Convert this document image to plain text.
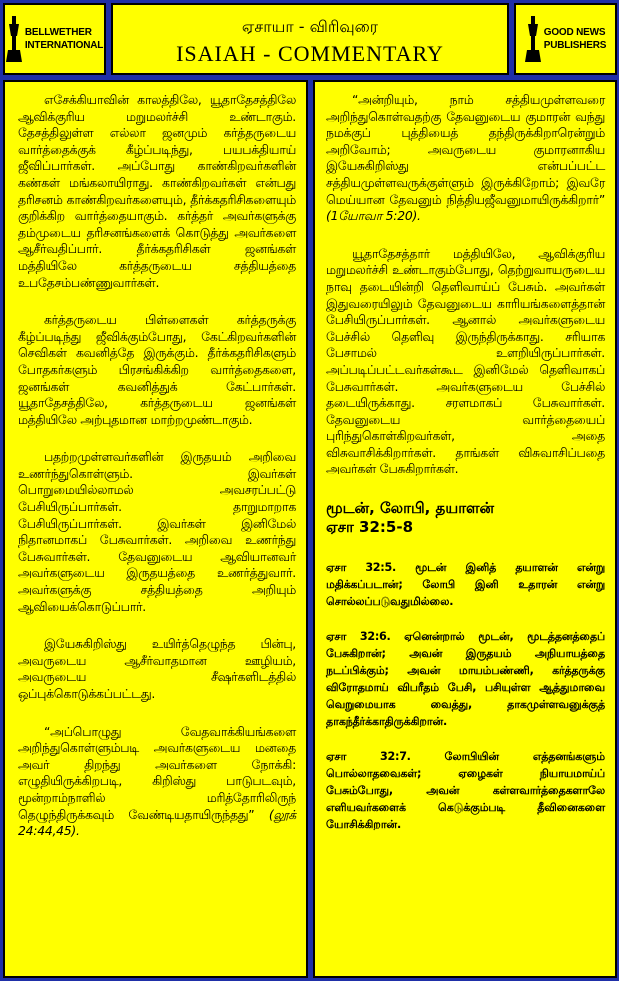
BELLWETHER
INTERNATIONAL
ஏசாயா - விரிவுரை
ISAIAH - COMMENTARY
GOOD NEWS
PUBLISHERS

எசேக்கியாவின் காலத்திலே, யூதாதேசத்திலே ஆவிக்குரிய மறுமலர்ச்சி உண்டாகும். தேசத்திலுள்ள எல்லா ஜனமும் கர்த்தருடைய வார்த்தைக்குக் கீழ்ப்படிந்து, பயபக்தியாய் ஜீவிப்பார்கள். அப்போது காண்கிறவர்களின் கண்கள் மங்கலாயிராது. காண்கிறவர்கள் என்பது தரிசனம் காண்கிறவர்களையும், தீர்க்கதரிசிகளையும் குறிக்கிற வார்த்தையாகும். கர்த்தர் அவர்களுக்கு தம்முடைய தரிசனங்களைக் கொடுத்து அவர்களை ஆசீர்வதிப்பார். தீர்க்கதரிசிகள் ஜனங்கள் மத்தியிலே கர்த்தருடைய சத்தியத்தை உபதேசம்பண்ணுவார்கள்.

கர்த்தருடைய பிள்ளைகள் கர்த்தருக்கு கீழ்ப்படிந்து ஜீவிக்கும்போது, கேட்கிறவர்களின் செவிகள் கவனித்தே இருக்கும். தீர்க்கதரிசிகளும் போதகர்களும் பிரசங்கிக்கிற வார்த்தைகளை, ஜனங்கள் கவனித்துக் கேட்பார்கள். யூதாதேசத்திலே, கர்த்தருடைய ஜனங்கள் மத்தியிலே அற்புதமான மாற்றமுண்டாகும்.

பதற்றமுள்ளவர்களின் இருதயம் அறிவை உணர்ந்துகொள்ளும். இவர்கள் பொறுமையில்லாமல் அவசரப்பட்டு பேசியிருப்பார்கள். தாறுமாறாக பேசியிருப்பார்கள். இவர்கள் இனிமேல் நிதானமாகப் பேசுவார்கள். அறிவை உணர்ந்து பேசுவார்கள். தேவனுடைய ஆவியானவர் அவர்களுடைய இருதயத்தை உணர்த்துவார். அவர்களுக்கு சத்தியத்தை அறியும் ஆவியைக்கொடுப்பார்.

இயேசுகிறிஸ்து உயிர்த்தெழுந்த பின்பு, அவருடைய ஆசீர்வாதமான ஊழியம், அவருடைய சீஷர்களிடத்தில் ஒப்புக்கொடுக்கப்பட்டது.

“அப்பொழுது வேதவாக்கியங்களை அறிந்துகொள்ளும்படி அவர்களுடைய மனதை அவர் திறந்து அவர்களை நோக்கி: எழுதியிருக்கிறபடி, கிறிஸ்து பாடுபடவும், மூன்றாம்நாளில் மரித்தோரிலிருந் தெழுந்திருக்கவும் வேண்டியதாயிருந்தது” (லூக் 24:44,45).

“அன்றியும், நாம் சத்தியமுள்ளவரை அறிந்துகொள்வதற்கு தேவனுடைய குமாரன் வந்து நமக்குப் புத்தியைத் தந்திருக்கிறாரென்றும் அறிவோம்; அவருடைய குமாரனாகிய இயேசுகிறிஸ்து என்பப்பட்ட சத்தியமுள்ளவருக்குள்ளும் இருக்கிறோம்; இவரே மெய்யான தேவனும் நித்தியஜீவனுமாயிருக்கிறார்” (1யோவா 5:20).

யூதாதேசத்தார் மத்தியிலே, ஆவிக்குரிய மறுமலர்ச்சி உண்டாகும்போது, தெற்றுவாயருடைய நாவு தடையின்றி தெளிவாய்ப் பேசும். அவர்கள் இதுவரையிலும் தேவனுடைய காரியங்களைத்தான் பேசியிருப்பார்கள். ஆனால் அவர்களுடைய பேச்சில் தெளிவு இருந்திருக்காது. சரியாக பேசாமல் உளறியிருப்பார்கள். அப்படிப்பட்டவர்கள்கூட இனிமேல் தெளிவாகப் பேசுவார்கள். அவர்களுடைய பேச்சில் தடையிருக்காது. சரளமாகப் பேசுவார்கள். தேவனுடைய வார்த்தையைப் புரிந்துகொள்கிறவர்கள், அதை விசுவாசிக்கிறார்கள். தாங்கள் விசுவாசிப்பதை அவர்கள் பேசுகிறார்கள்.

மூடன், லோபி, தயாளன்
ஏசா 32:5-8

ஏசா 32:5. மூடன் இனித் தயாளன் என்று மதிக்கப்படான்; லோபி இனி உதாரன் என்று சொல்லப்படுவதுமில்லை.

ஏசா 32:6. ஏனென்றால் மூடன், மூடத்தனத்தைப் பேசுகிறான்; அவன் இருதயம் அநியாயத்தை நடப்பிக்கும்; அவன் மாயம்பண்ணி, கர்த்தருக்கு விரோதமாய் விபரீதம் பேசி, பசியுள்ள ஆத்துமாவை வெறுமையாக வைத்து, தாகமுள்ளவனுக்குத் தாகந்தீர்க்காதிருக்கிறான்.

ஏசா 32:7. லோபியின் எத்தனங்களும் பொல்லாதவைகள்; ஏழைகள் நியாயமாய்ப் பேசும்போது, அவன் கள்ளவார்த்தைகளாலே எளியவர்களைக் கெடுக்கும்படி தீவினைகளை யோசிக்கிறான்.
